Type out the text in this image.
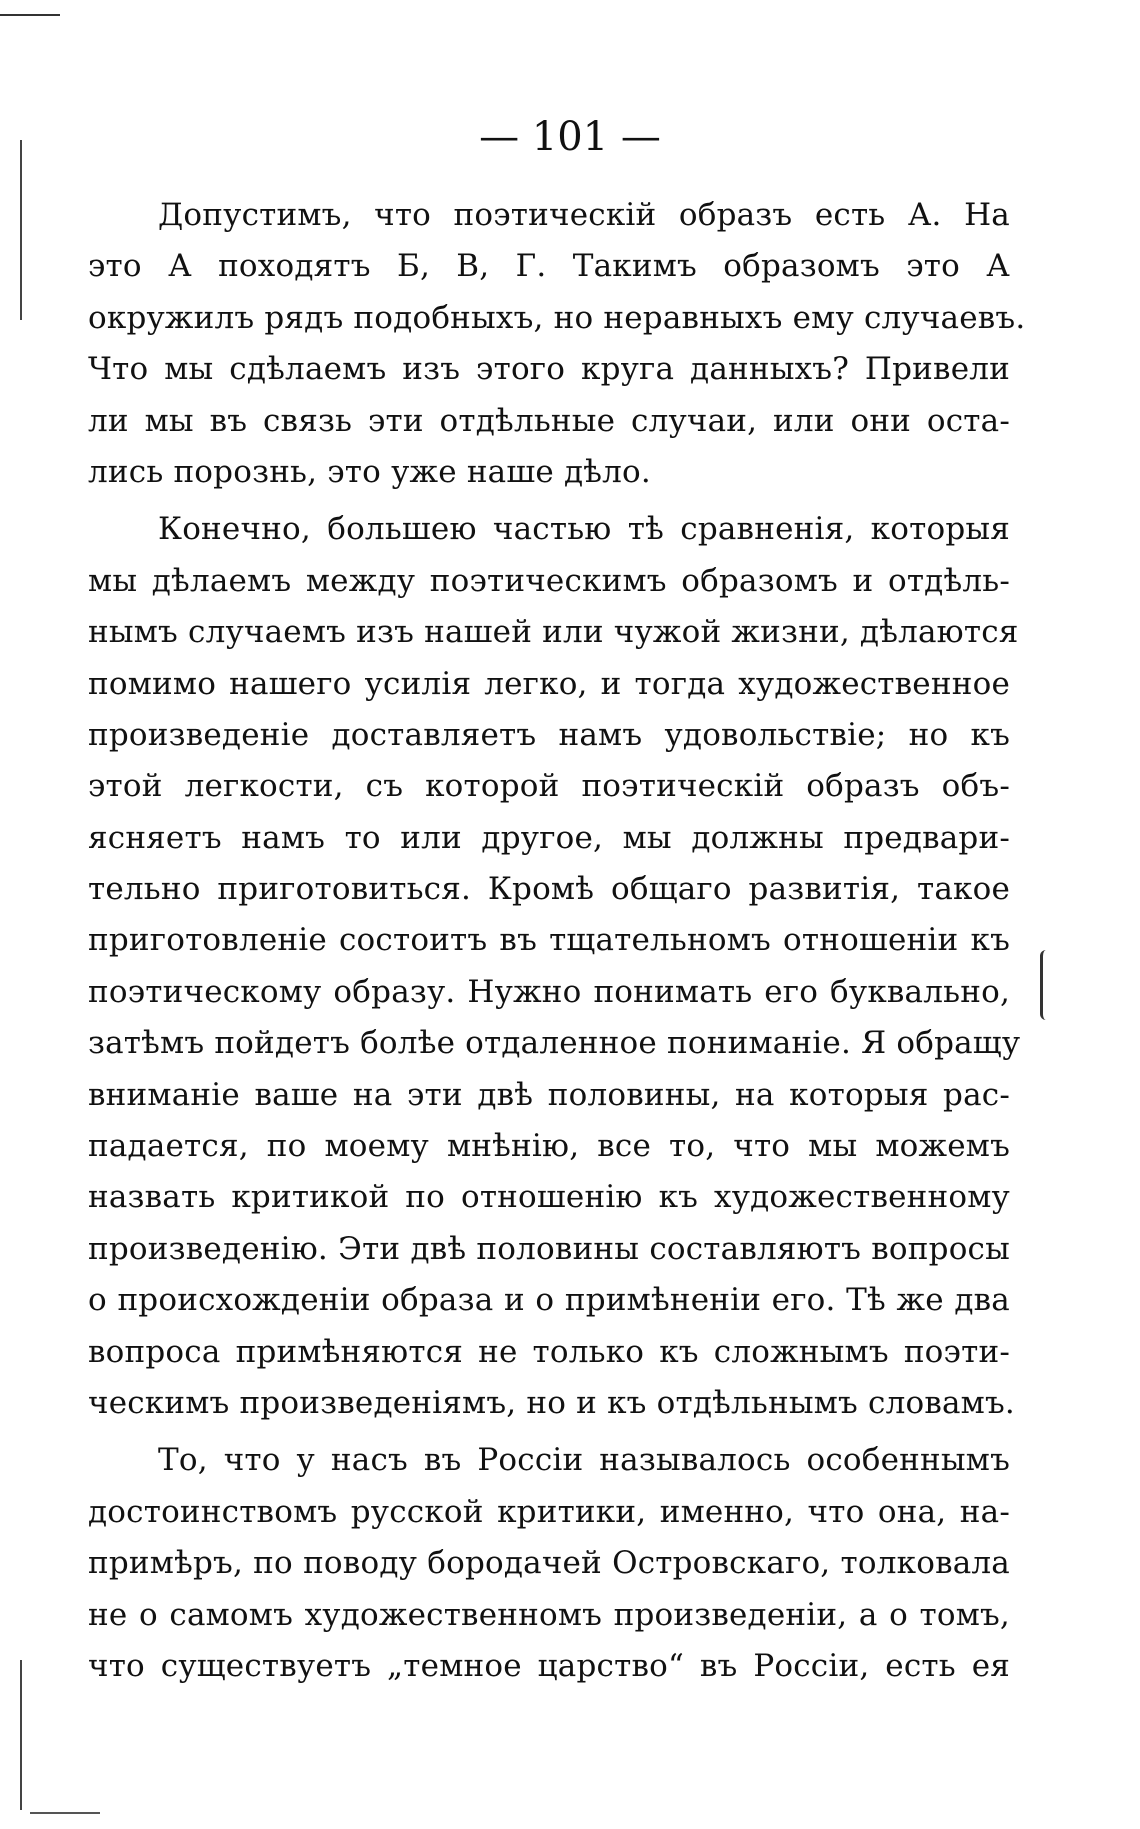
— 101 —
Допустимъ, что поэтическій образъ есть А. На
это А походятъ Б, В, Г. Такимъ образомъ это А
окружилъ рядъ подобныхъ, но неравныхъ ему случаевъ.
Что мы сдѣлаемъ изъ этого круга данныхъ? Привели
ли мы въ связь эти отдѣльные случаи, или они оста-
лись порознь, это уже наше дѣло.
Конечно, большею частью тѣ сравненія, которыя
мы дѣлаемъ между поэтическимъ образомъ и отдѣль-
нымъ случаемъ изъ нашей или чужой жизни, дѣлаются
помимо нашего усилія легко, и тогда художественное
произведеніе доставляетъ намъ удовольствіе; но къ
этой легкости, съ которой поэтическій образъ объ-
ясняетъ намъ то или другое, мы должны предвари-
тельно приготовиться. Кромѣ общаго развитія, такое
приготовленіе состоитъ въ тщательномъ отношеніи къ
поэтическому образу. Нужно понимать его буквально,
затѣмъ пойдетъ болѣе отдаленное пониманіе. Я обращу
вниманіе ваше на эти двѣ половины, на которыя рас-
падается, по моему мнѣнію, все то, что мы можемъ
назвать критикой по отношенію къ художественному
произведенію. Эти двѣ половины составляютъ вопросы
о происхожденіи образа и о примѣненіи его. Тѣ же два
вопроса примѣняются не только къ сложнымъ поэти-
ческимъ произведеніямъ, но и къ отдѣльнымъ словамъ.
То, что у насъ въ Россіи называлось особеннымъ
достоинствомъ русской критики, именно, что она, на-
примѣръ, по поводу бородачей Островскаго, толковала
не о самомъ художественномъ произведеніи, а о томъ,
что существуетъ „темное царство“ въ Россіи, есть ея
